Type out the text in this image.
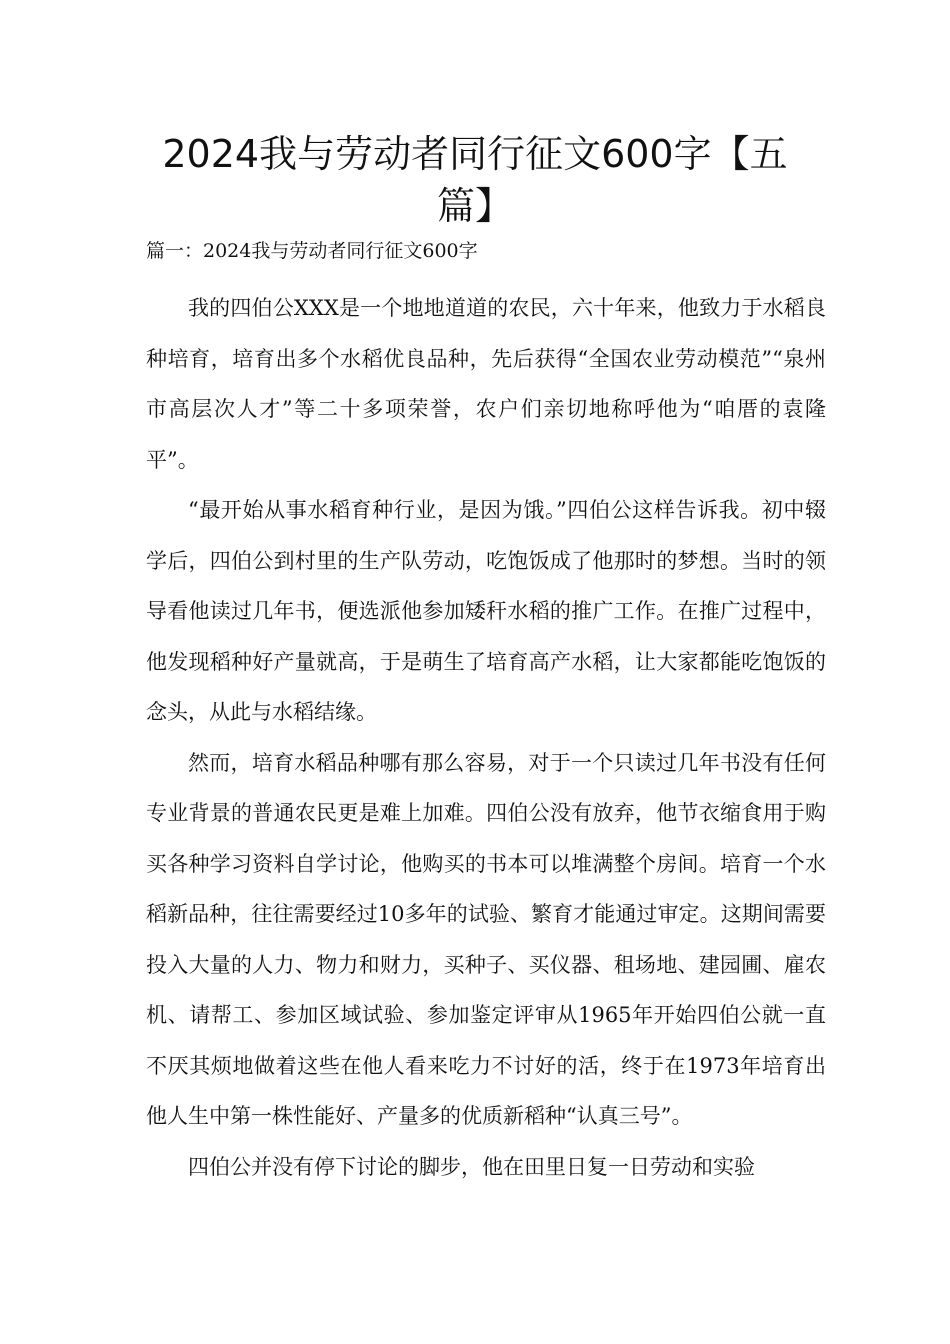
2024我与劳动者同行征文600字【五
篇】

篇一：2024我与劳动者同行征文600字

我的四伯公XXX是一个地地道道的农民，六十年来，他致力于水稻良种培育，培育出多个水稻优良品种，先后获得“全国农业劳动模范”“泉州市高层次人才”等二十多项荣誉，农户们亲切地称呼他为“咱厝的袁隆平”。

“最开始从事水稻育种行业，是因为饿。”四伯公这样告诉我。初中辍学后，四伯公到村里的生产队劳动，吃饱饭成了他那时的梦想。当时的领导看他读过几年书，便选派他参加矮秆水稻的推广工作。在推广过程中，他发现稻种好产量就高，于是萌生了培育高产水稻，让大家都能吃饱饭的念头，从此与水稻结缘。

然而，培育水稻品种哪有那么容易，对于一个只读过几年书没有任何专业背景的普通农民更是难上加难。四伯公没有放弃，他节衣缩食用于购买各种学习资料自学讨论，他购买的书本可以堆满整个房间。培育一个水稻新品种，往往需要经过10多年的试验、繁育才能通过审定。这期间需要投入大量的人力、物力和财力，买种子、买仪器、租场地、建园圃、雇农机、请帮工、参加区域试验、参加鉴定评审从1965年开始四伯公就一直不厌其烦地做着这些在他人看来吃力不讨好的活，终于在1973年培育出他人生中第一株性能好、产量多的优质新稻种“认真三号”。

四伯公并没有停下讨论的脚步，他在田里日复一日劳动和实验
